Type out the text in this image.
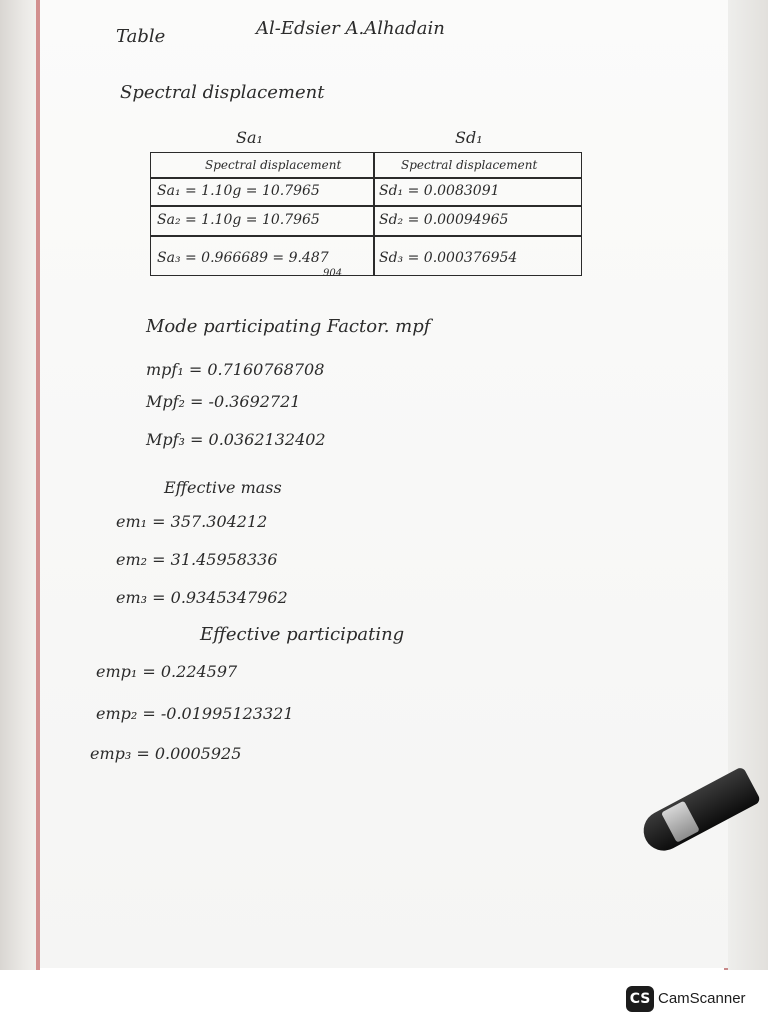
Table	Al-Edsier A.Alhadain
Spectral displacement
Sa₁	Sd₁
Spectral displacement	Spectral displacement
Sa₁ = 1.10g = 10.7965	Sd₁ = 0.0083091
Sa₂ = 1.10g = 10.7965	Sd₂ = 0.00094965
Sa₃ = 0.966689 = 9.487	Sd₃ = 0.000376954
904
Mode participating Factor. mpf
mpf₁ = 0.7160768708
Mpf₂ = -0.3692721
Mpf₃ = 0.0362132402
Effective mass
em₁ = 357.304212
em₂ = 31.45958336
em₃ = 0.9345347962
Effective participating
emp₁ = 0.224597
emp₂ = -0.01995123321
emp₃ = 0.0005925
CS CamScanner
